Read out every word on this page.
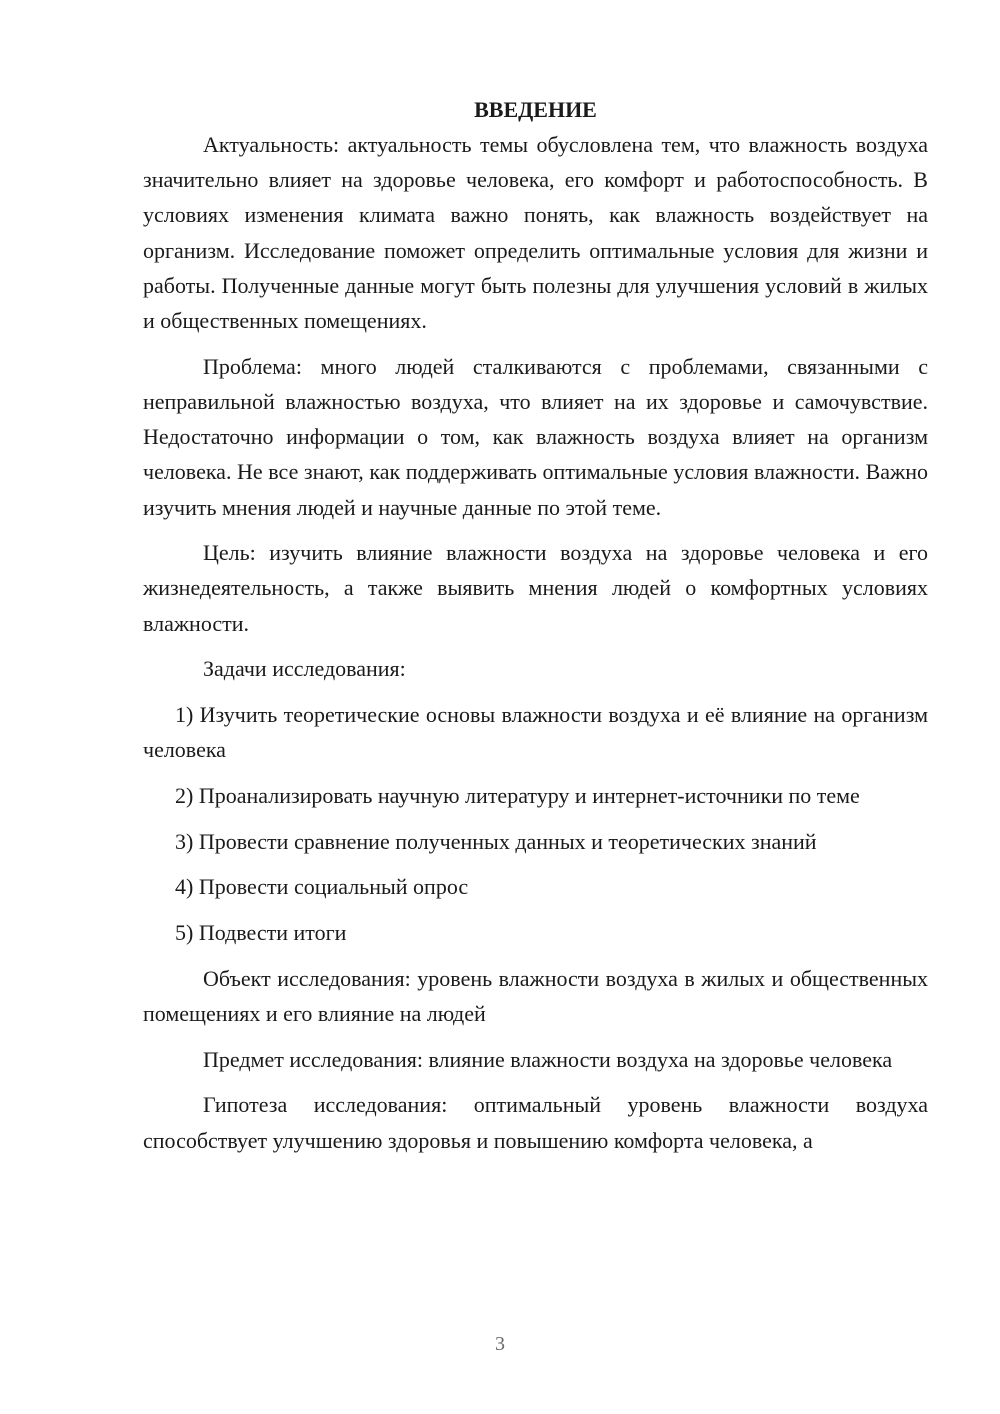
ВВЕДЕНИЕ

Актуальность: актуальность темы обусловлена тем, что влажность воздуха значительно влияет на здоровье человека, его комфорт и работоспособность. В условиях изменения климата важно понять, как влажность воздействует на организм. Исследование поможет определить оптимальные условия для жизни и работы. Полученные данные могут быть полезны для улучшения условий в жилых и общественных помещениях.

Проблема: много людей сталкиваются с проблемами, связанными с неправильной влажностью воздуха, что влияет на их здоровье и самочувствие. Недостаточно информации о том, как влажность воздуха влияет на организм человека. Не все знают, как поддерживать оптимальные условия влажности. Важно изучить мнения людей и научные данные по этой теме.

Цель: изучить влияние влажности воздуха на здоровье человека и его жизнедеятельность, а также выявить мнения людей о комфортных условиях влажности.

Задачи исследования:

1) Изучить теоретические основы влажности воздуха и её влияние на организм человека

2) Проанализировать научную литературу и интернет-источники по теме

3) Провести сравнение полученных данных и теоретических знаний

4) Провести социальный опрос

5) Подвести итоги

Объект исследования: уровень влажности воздуха в жилых и общественных помещениях и его влияние на людей

Предмет исследования: влияние влажности воздуха на здоровье человека

Гипотеза исследования: оптимальный уровень влажности воздуха способствует улучшению здоровья и повышению комфорта человека, а

3
